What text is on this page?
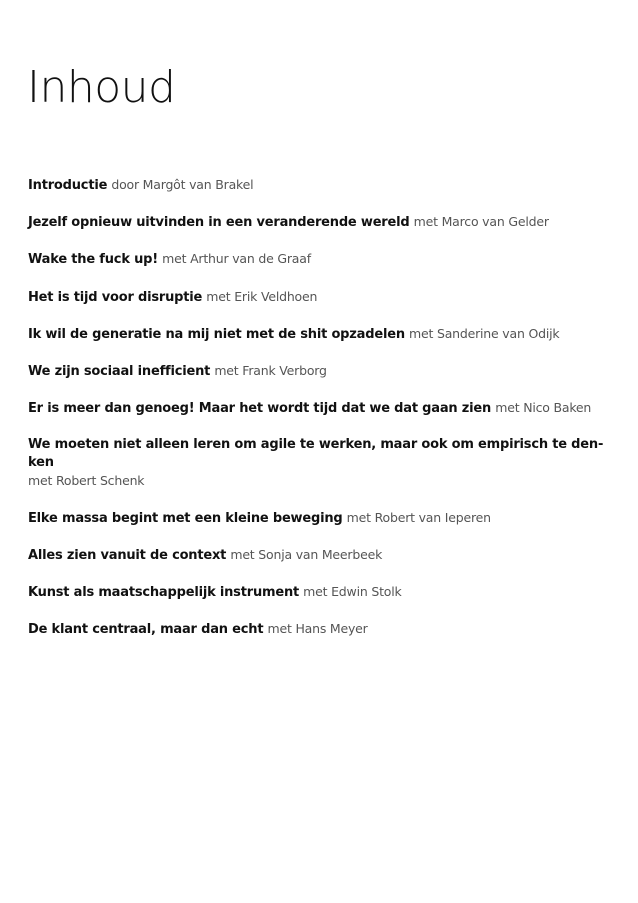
Inhoud
Introductie door Margôt van Brakel
Jezelf opnieuw uitvinden in een veranderende wereld met Marco van Gelder
Wake the fuck up! met Arthur van de Graaf
Het is tijd voor disruptie met Erik Veldhoen
Ik wil de generatie na mij niet met de shit opzadelen met Sanderine van Odijk
We zijn sociaal inefficient met Frank Verborg
Er is meer dan genoeg! Maar het wordt tijd dat we dat gaan zien met Nico Baken
We moeten niet alleen leren om agile te werken, maar ook om empirisch te den-
ken
met Robert Schenk
Elke massa begint met een kleine beweging met Robert van Ieperen
Alles zien vanuit de context met Sonja van Meerbeek
Kunst als maatschappelijk instrument met Edwin Stolk
De klant centraal, maar dan echt met Hans Meyer
